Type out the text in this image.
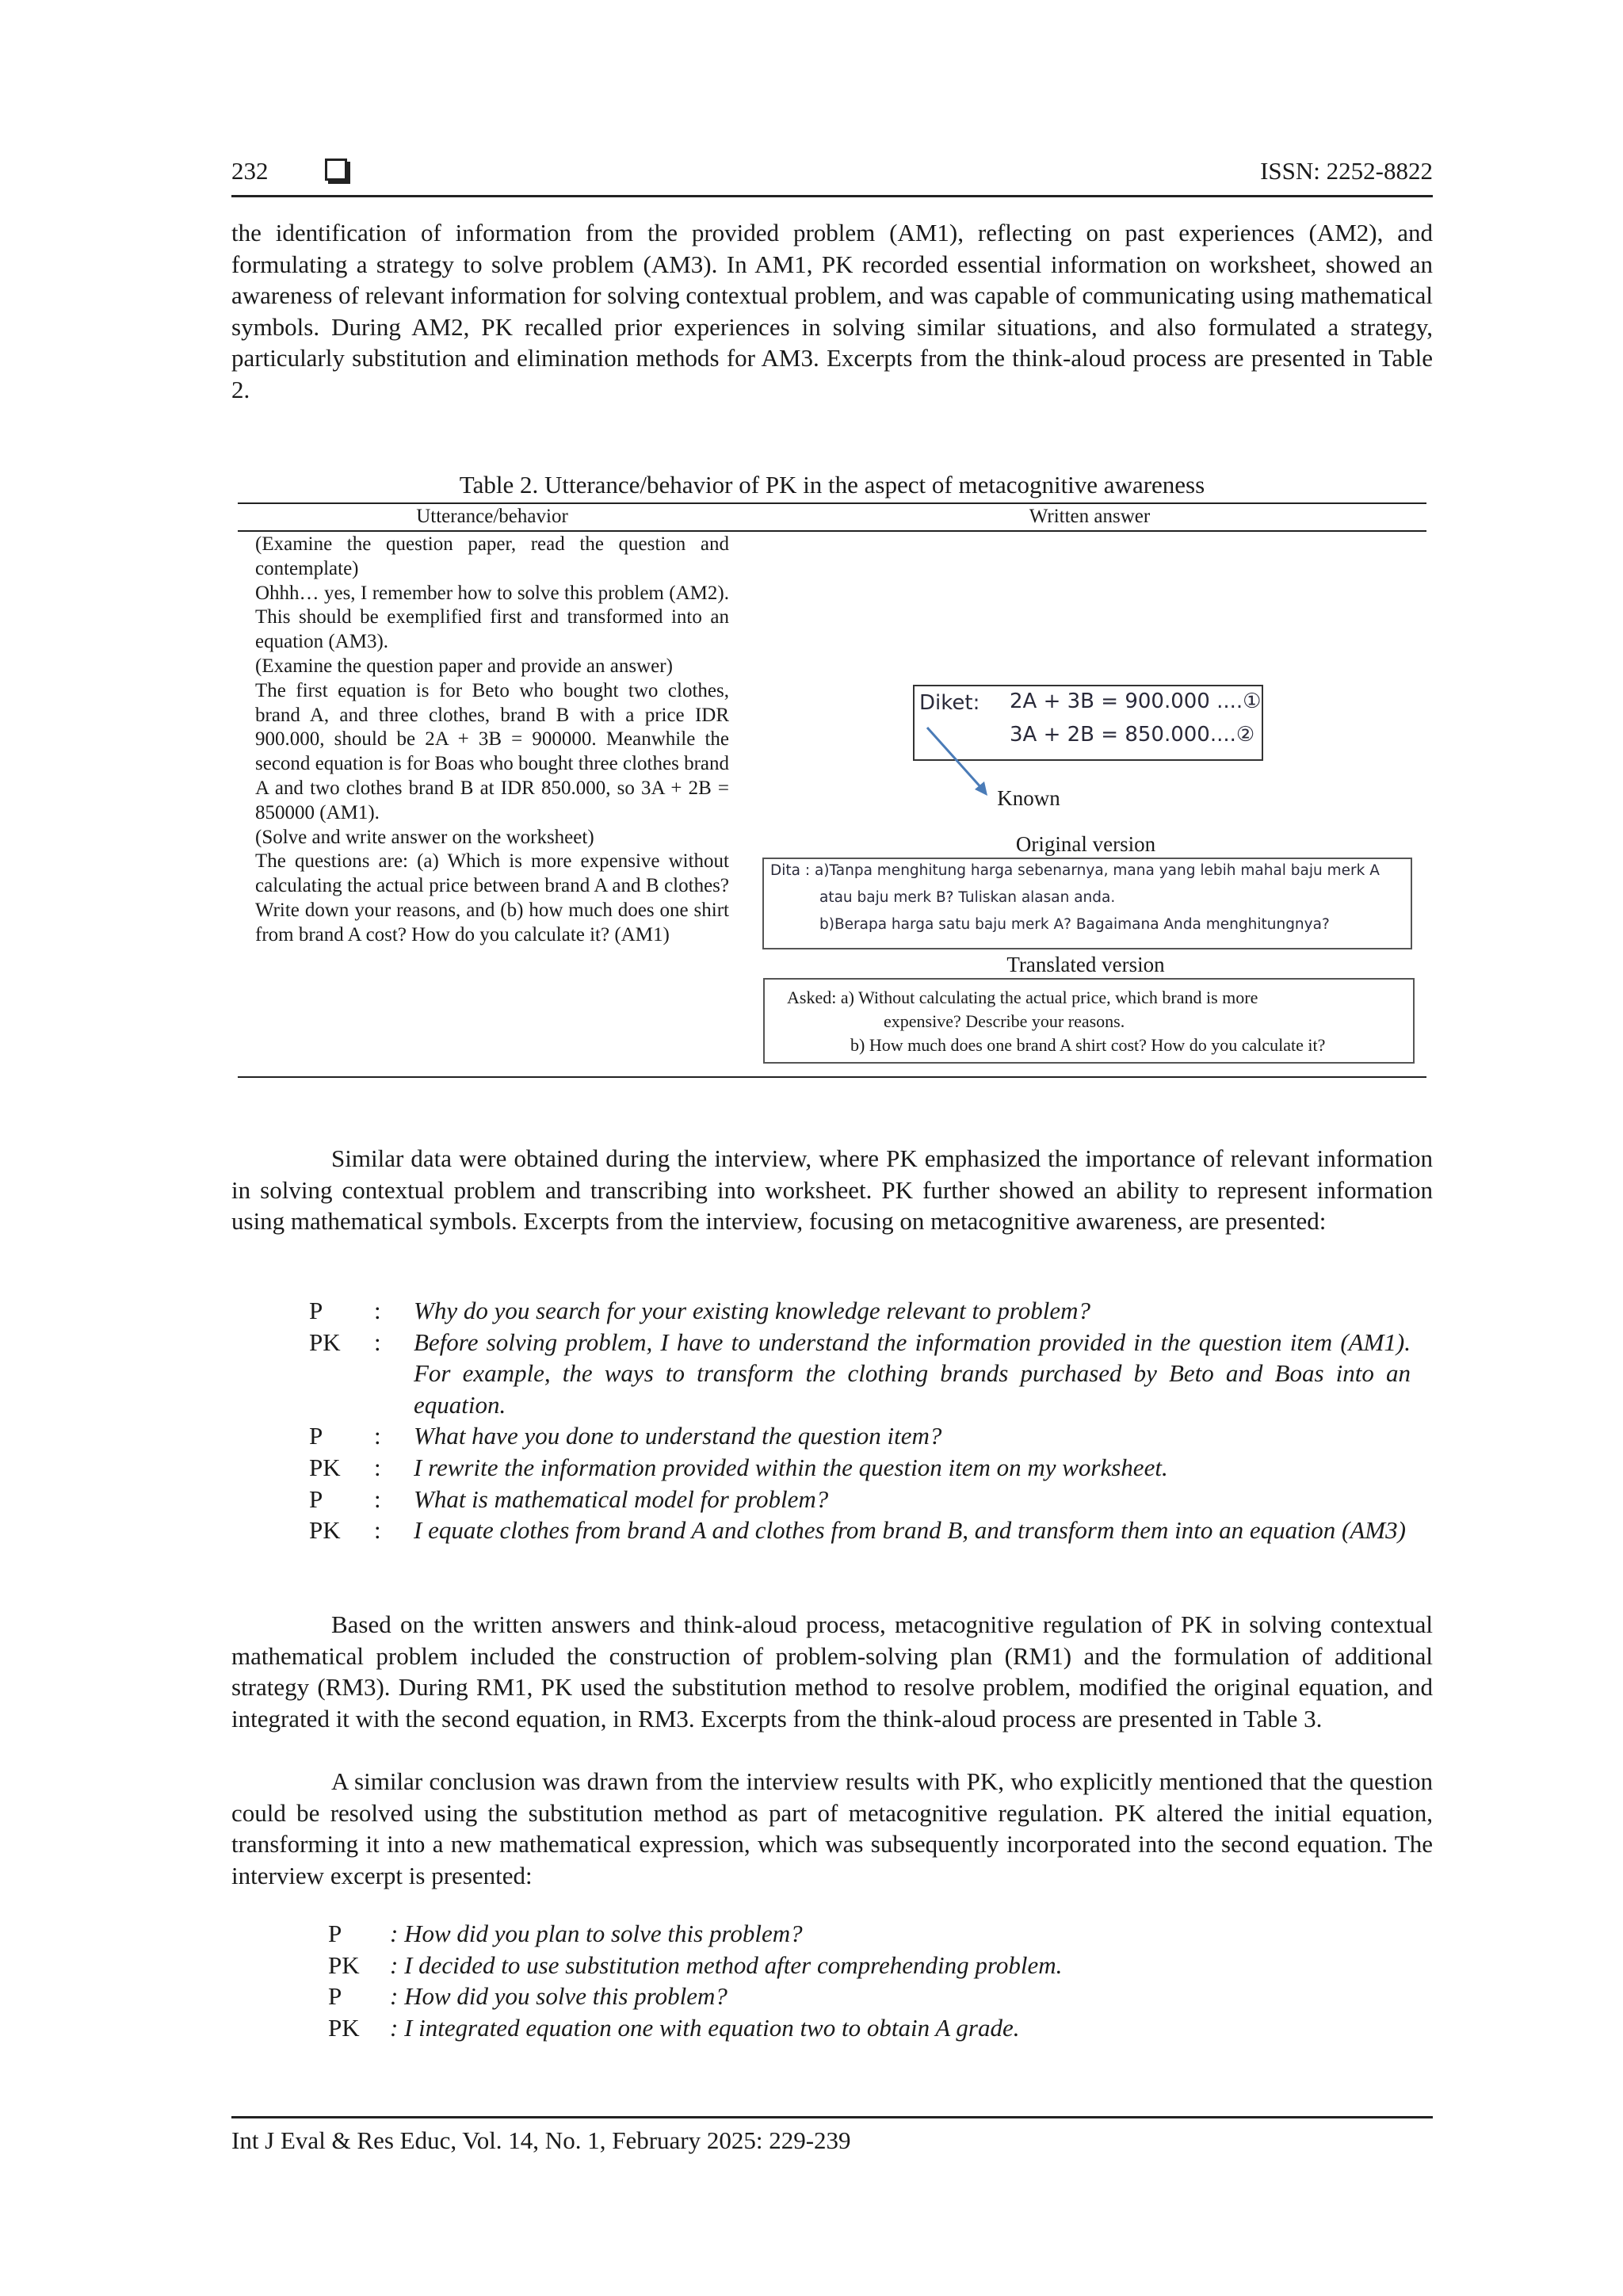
232	ISSN: 2252-8822

the identification of information from the provided problem (AM1), reflecting on past experiences (AM2), and formulating a strategy to solve problem (AM3). In AM1, PK recorded essential information on worksheet, showed an awareness of relevant information for solving contextual problem, and was capable of communicating using mathematical symbols. During AM2, PK recalled prior experiences in solving similar situations, and also formulated a strategy, particularly substitution and elimination methods for AM3. Excerpts from the think-aloud process are presented in Table 2.

Table 2. Utterance/behavior of PK in the aspect of metacognitive awareness
Utterance/behavior	Written answer
(Examine the question paper, read the question and contemplate)
Ohhh… yes, I remember how to solve this problem (AM2). This should be exemplified first and transformed into an equation (AM3).
(Examine the question paper and provide an answer)
The first equation is for Beto who bought two clothes, brand A, and three clothes, brand B with a price IDR 900.000, should be 2A + 3B = 900000. Meanwhile the second equation is for Boas who bought three clothes brand A and two clothes brand B at IDR 850.000, so 3A + 2B = 850000 (AM1).
(Solve and write answer on the worksheet)
The questions are: (a) Which is more expensive without calculating the actual price between brand A and B clothes? Write down your reasons, and (b) how much does one shirt from brand A cost? How do you calculate it? (AM1)
Diket: 2A + 3B = 900.000 ....①
3A + 2B = 850.000....②
Known
Original version
Dita : a)Tanpa menghitung harga sebenarnya, mana yang lebih mahal baju merk A
atau baju merk B? Tuliskan alasan anda.
b)Berapa harga satu baju merk A? Bagaimana Anda menghitungnya?
Translated version
Asked: a) Without calculating the actual price, which brand is more
expensive? Describe your reasons.
b) How much does one brand A shirt cost? How do you calculate it?

Similar data were obtained during the interview, where PK emphasized the importance of relevant information in solving contextual problem and transcribing into worksheet. PK further showed an ability to represent information using mathematical symbols. Excerpts from the interview, focusing on metacognitive awareness, are presented:

P : Why do you search for your existing knowledge relevant to problem?
PK : Before solving problem, I have to understand the information provided in the question item (AM1). For example, the ways to transform the clothing brands purchased by Beto and Boas into an equation.
P : What have you done to understand the question item?
PK : I rewrite the information provided within the question item on my worksheet.
P : What is mathematical model for problem?
PK : I equate clothes from brand A and clothes from brand B, and transform them into an equation (AM3)

Based on the written answers and think-aloud process, metacognitive regulation of PK in solving contextual mathematical problem included the construction of problem-solving plan (RM1) and the formulation of additional strategy (RM3). During RM1, PK used the substitution method to resolve problem, modified the original equation, and integrated it with the second equation, in RM3. Excerpts from the think-aloud process are presented in Table 3.

A similar conclusion was drawn from the interview results with PK, who explicitly mentioned that the question could be resolved using the substitution method as part of metacognitive regulation. PK altered the initial equation, transforming it into a new mathematical expression, which was subsequently incorporated into the second equation. The interview excerpt is presented:

P : How did you plan to solve this problem?
PK : I decided to use substitution method after comprehending problem.
P : How did you solve this problem?
PK : I integrated equation one with equation two to obtain A grade.
Int J Eval & Res Educ, Vol. 14, No. 1, February 2025: 229-239
